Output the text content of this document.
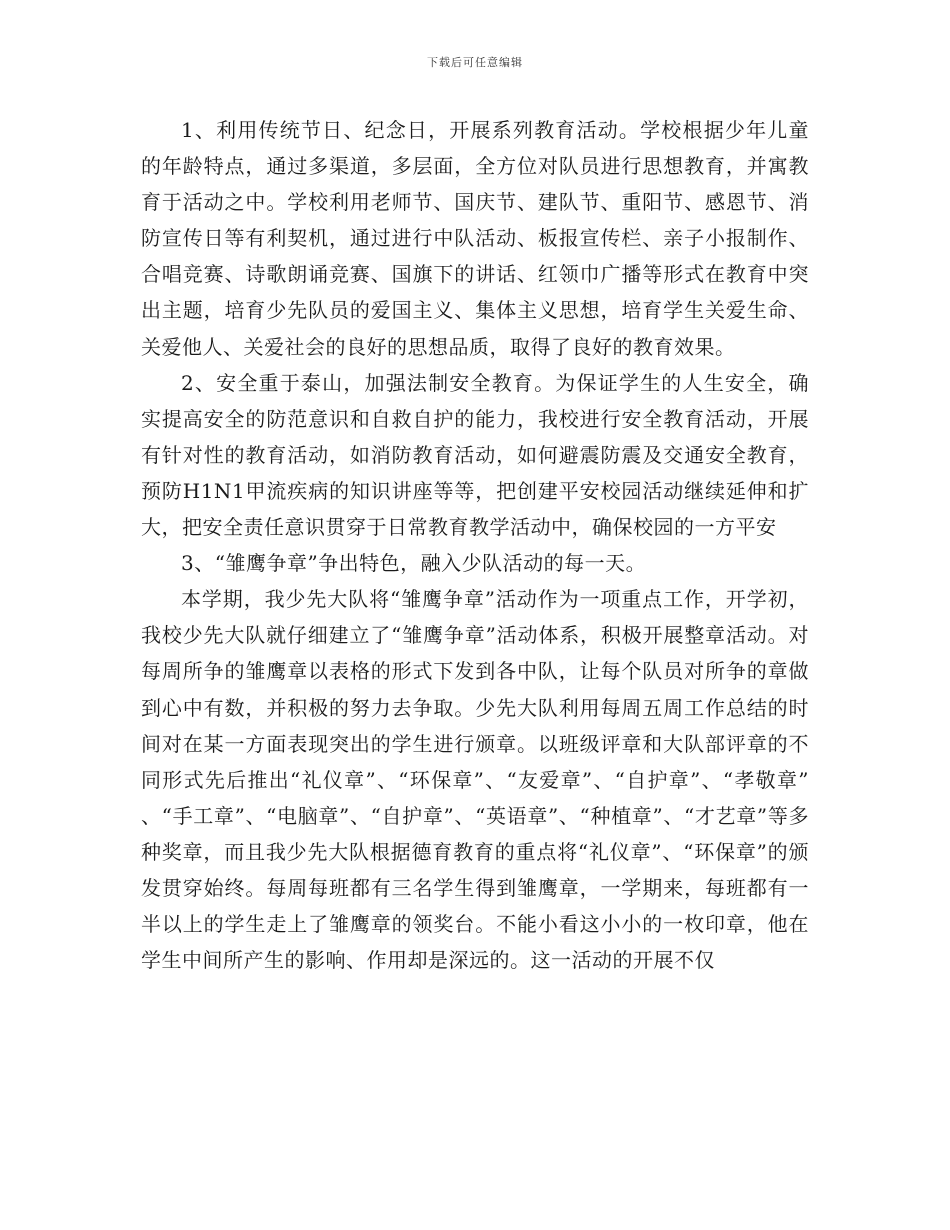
下载后可任意编辑

1、利用传统节日、纪念日，开展系列教育活动。学校根据少年儿童的年龄特点，通过多渠道，多层面，全方位对队员进行思想教育，并寓教育于活动之中。学校利用老师节、国庆节、建队节、重阳节、感恩节、消防宣传日等有利契机，通过进行中队活动、板报宣传栏、亲子小报制作、合唱竞赛、诗歌朗诵竞赛、国旗下的讲话、红领巾广播等形式在教育中突出主题，培育少先队员的爱国主义、集体主义思想，培育学生关爱生命、关爱他人、关爱社会的良好的思想品质，取得了良好的教育效果。

2、安全重于泰山，加强法制安全教育。为保证学生的人生安全，确实提高安全的防范意识和自救自护的能力，我校进行安全教育活动，开展有针对性的教育活动，如消防教育活动，如何避震防震及交通安全教育，预防H1N1甲流疾病的知识讲座等等，把创建平安校园活动继续延伸和扩大，把安全责任意识贯穿于日常教育教学活动中，确保校园的一方平安

3、“雏鹰争章”争出特色，融入少队活动的每一天。

本学期，我少先大队将“雏鹰争章”活动作为一项重点工作，开学初，我校少先大队就仔细建立了“雏鹰争章”活动体系，积极开展整章活动。对每周所争的雏鹰章以表格的形式下发到各中队，让每个队员对所争的章做到心中有数，并积极的努力去争取。少先大队利用每周五周工作总结的时间对在某一方面表现突出的学生进行颁章。以班级评章和大队部评章的不同形式先后推出“礼仪章”、“环保章”、“友爱章”、“自护章”、“孝敬章” 、“手工章”、“电脑章”、“自护章”、“英语章”、“种植章”、“才艺章”等多种奖章，而且我少先大队根据德育教育的重点将“礼仪章”、“环保章”的颁发贯穿始终。每周每班都有三名学生得到雏鹰章，一学期来，每班都有一半以上的学生走上了雏鹰章的领奖台。不能小看这小小的一枚印章，他在学生中间所产生的影响、作用却是深远的。这一活动的开展不仅
